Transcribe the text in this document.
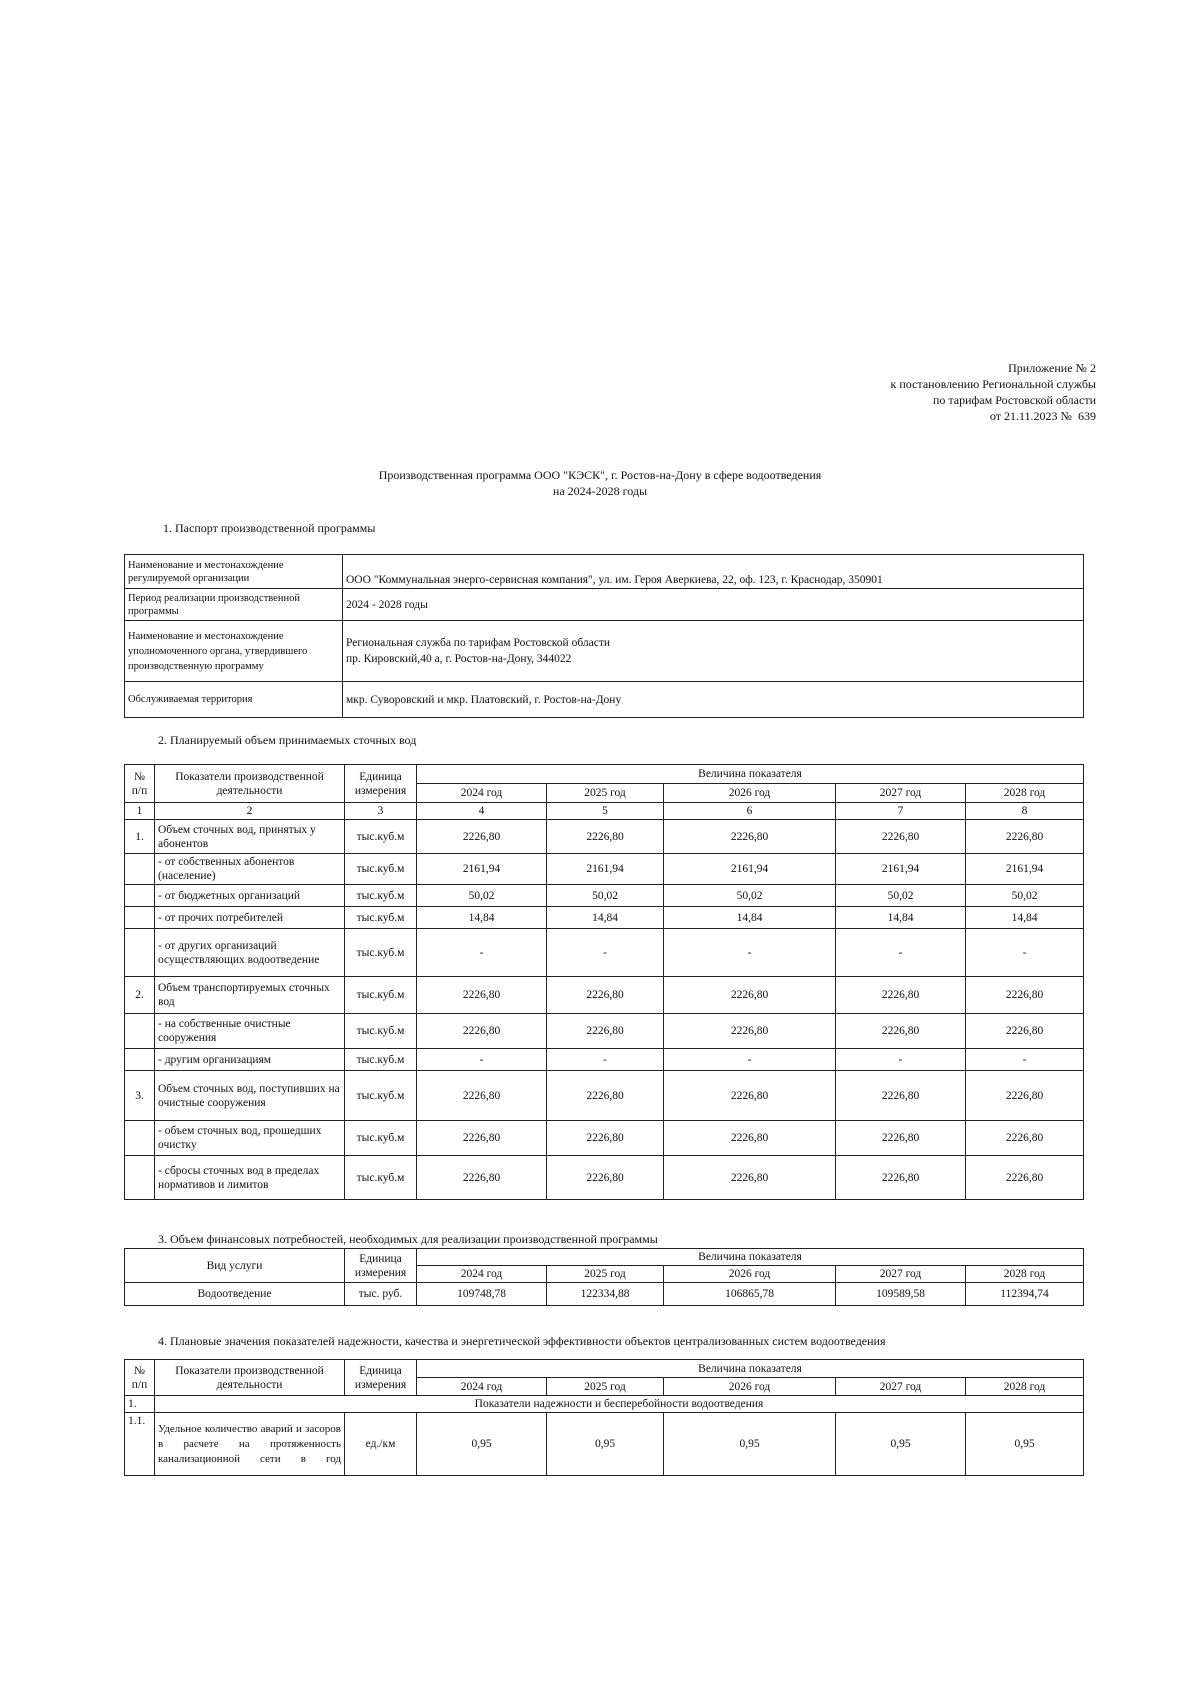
Приложение № 2
к постановлению Региональной службы
по тарифам Ростовской области
от 21.11.2023 №  639
Производственная программа ООО "КЭСК", г. Ростов-на-Дону в сфере водоотведения
на 2024-2028 годы
1. Паспорт производственной программы
Наименование и местонахождение регулируемой организации	ООО "Коммунальная энерго-сервисная компания", ул. им. Героя Аверкиева, 22, оф. 123, г. Краснодар, 350901
Период реализации производственной программы	2024 - 2028 годы
Наименование и местонахождение уполномоченного органа, утвердившего производственную программу	Региональная служба по тарифам Ростовской области
пр. Кировский,40 а, г. Ростов-на-Дону, 344022

Обслуживаемая территория	мкр. Суворовский и мкр. Платовский, г. Ростов-на-Дону
2. Планируемый объем принимаемых сточных вод
№ п/п	Показатели производственной деятельности	Единица измерения	Величина показателя				
			2024 год	2025 год	2026 год	2027 год	2028 год
1	2	3	4	5	6	7	8
1.	Объем сточных вод, принятых у абонентов	тыс.куб.м	2226,80	2226,80	2226,80	2226,80	2226,80
	- от собственных абонентов (население)	тыс.куб.м	2161,94	2161,94	2161,94	2161,94	2161,94
	- от бюджетных организаций	тыс.куб.м	50,02	50,02	50,02	50,02	50,02
	- от прочих потребителей	тыс.куб.м	14,84	14,84	14,84	14,84	14,84
	- от других организаций осуществляющих водоотведение	тыс.куб.м	-	-	-	-	-
2.	Объем транспортируемых сточных вод	тыс.куб.м	2226,80	2226,80	2226,80	2226,80	2226,80
	- на собственные очистные сооружения	тыс.куб.м	2226,80	2226,80	2226,80	2226,80	2226,80
	- другим организациям	тыс.куб.м	-	-	-	-	-
3.	Объем сточных вод, поступивших на очистные сооружения	тыс.куб.м	2226,80	2226,80	2226,80	2226,80	2226,80
	- объем сточных вод, прошедших очистку	тыс.куб.м	2226,80	2226,80	2226,80	2226,80	2226,80
	- сбросы сточных вод в пределах нормативов и лимитов	тыс.куб.м	2226,80	2226,80	2226,80	2226,80	2226,80
3. Объем финансовых потребностей, необходимых для реализации производственной программы
Вид услуги	Единица измерения	Величина показателя				
		2024 год	2025 год	2026 год	2027 год	2028 год
Водоотведение	тыс. руб.	109748,78	122334,88	106865,78	109589,58	112394,74
4. Плановые значения показателей надежности, качества и энергетической эффективности объектов централизованных систем водоотведения
№ п/п	Показатели производственной деятельности	Единица измерения	Величина показателя				
			2024 год	2025 год	2026 год	2027 год	2028 год
1.	Показатели надежности и бесперебойности водоотведения						
1.1.	Удельное количество аварий и засоров в расчете на протяженность канализационной сети в год	ед./км	0,95	0,95	0,95	0,95	0,95
